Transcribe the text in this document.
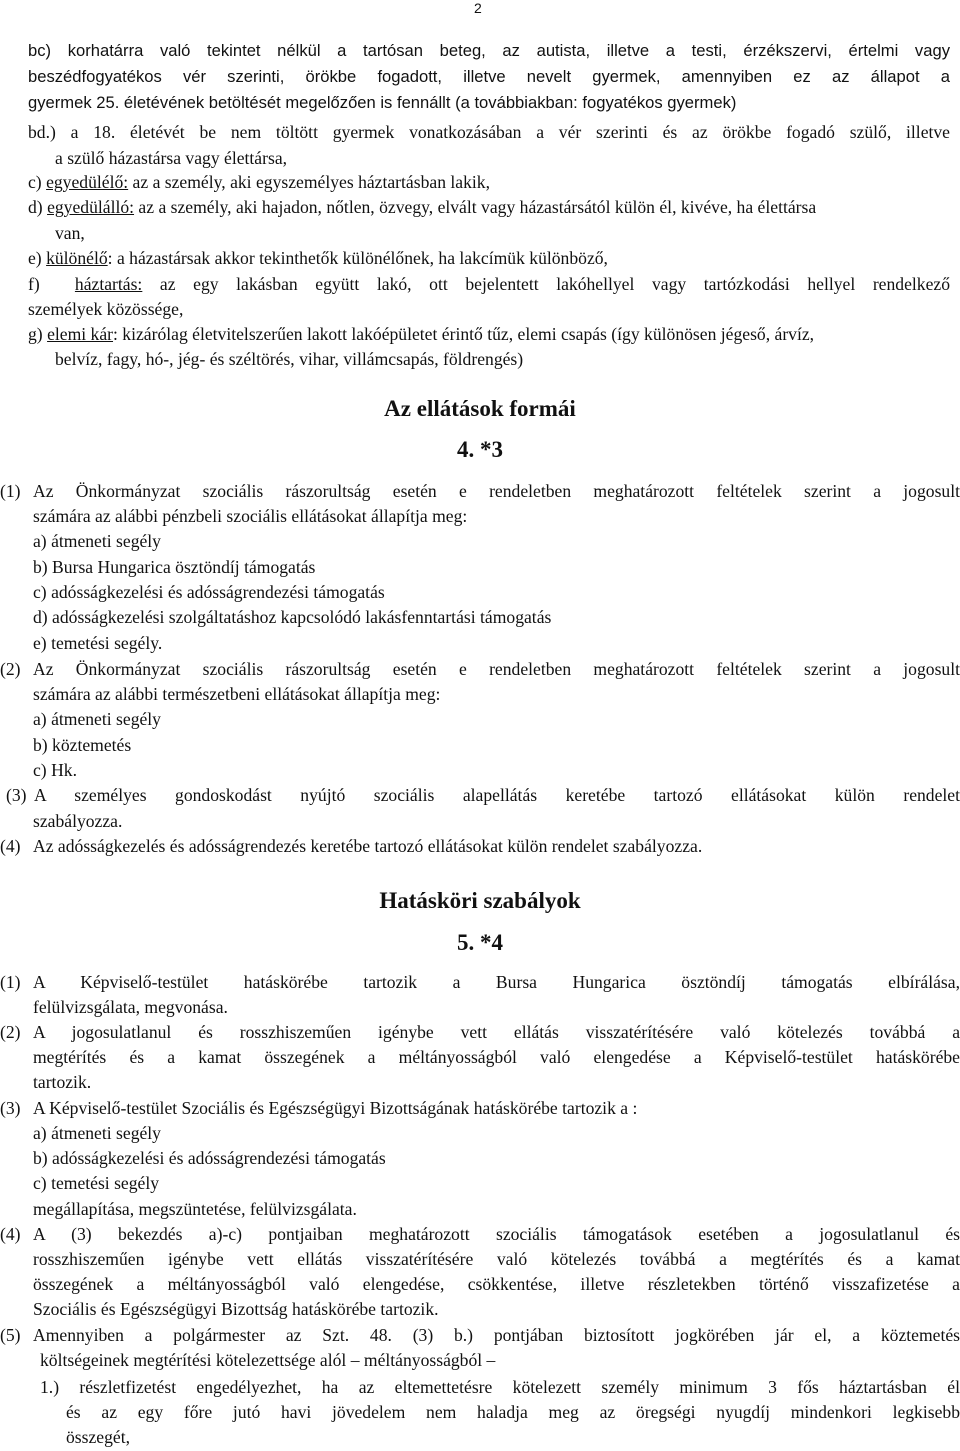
2
bc) korhatárra való tekintet nélkül a tartósan beteg, az autista, illetve a testi, érzékszervi, értelmi vagy
beszédfogyatékos vér szerinti, örökbe fogadott, illetve nevelt gyermek, amennyiben ez az állapot a
gyermek 25. életévének betöltését megelőzően is fennállt (a továbbiakban: fogyatékos gyermek)
bd.) a 18. életévét be nem töltött gyermek vonatkozásában a vér szerinti és az örökbe fogadó szülő, illetve
a szülő házastársa vagy élettársa,
c) egyedülélő: az a személy, aki egyszemélyes háztartásban lakik,
d) egyedülálló: az a személy, aki hajadon, nőtlen, özvegy, elvált vagy házastársától külön él, kivéve, ha élettársa
van,
e) különélő: a házastársak akkor tekinthetők különélőnek, ha lakcímük különböző,
f)  háztartás: az egy lakásban együtt lakó, ott bejelentett lakóhellyel vagy tartózkodási hellyel rendelkező
személyek közössége,
g) elemi kár: kizárólag életvitelszerűen lakott lakóépületet érintő tűz, elemi csapás (így különösen jégeső, árvíz,
belvíz, fagy, hó-, jég- és széltörés, vihar, villámcsapás, földrengés)
Az ellátások formái
4. *3
(1) Az Önkormányzat szociális rászorultság esetén e rendeletben meghatározott feltételek szerint a jogosult
számára az alábbi pénzbeli szociális ellátásokat állapítja meg:
a) átmeneti segély
b) Bursa Hungarica ösztöndíj támogatás
c) adósságkezelési és adósságrendezési támogatás
d) adósságkezelési szolgáltatáshoz kapcsolódó lakásfenntartási támogatás
e) temetési segély.
(2) Az Önkormányzat szociális rászorultság esetén e rendeletben meghatározott feltételek szerint a jogosult
számára az alábbi természetbeni ellátásokat állapítja meg:
a) átmeneti segély
b) köztemetés
c) Hk.
(3) A személyes gondoskodást nyújtó szociális alapellátás keretébe tartozó ellátásokat külön rendelet
szabályozza.
(4) Az adósságkezelés és adósságrendezés keretébe tartozó ellátásokat külön rendelet szabályozza.
Hatásköri szabályok
5. *4
(1) A Képviselő-testület hatáskörébe tartozik a Bursa Hungarica ösztöndíj támogatás elbírálása,
felülvizsgálata, megvonása.
(2) A jogosulatlanul és rosszhiszeműen igénybe vett ellátás visszatérítésére való kötelezés továbbá a
megtérítés és a kamat összegének a méltányosságból való elengedése a Képviselő-testület hatáskörébe
tartozik.
(3) A Képviselő-testület Szociális és Egészségügyi Bizottságának hatáskörébe tartozik a :
a) átmeneti segély
b) adósságkezelési és adósságrendezési támogatás
c) temetési segély
megállapítása, megszüntetése, felülvizsgálata.
(4) A (3) bekezdés a)-c) pontjaiban meghatározott szociális támogatások esetében a jogosulatlanul és
rosszhiszeműen igénybe vett ellátás visszatérítésére való kötelezés továbbá a megtérítés és a kamat
összegének a méltányosságból való elengedése, csökkentése, illetve részletekben történő visszafizetése a
Szociális és Egészségügyi Bizottság hatáskörébe tartozik.
(5) Amennyiben a polgármester az Szt. 48. (3) b.) pontjában biztosított jogkörében jár el, a köztemetés
költségeinek megtérítési kötelezettsége alól – méltányosságból –
1.) részletfizetést engedélyezhet, ha az eltemettetésre kötelezett személy minimum 3 fős háztartásban él
és az egy főre jutó havi jövedelem nem haladja meg az öregségi nyugdíj mindenkori legkisebb
összegét,
